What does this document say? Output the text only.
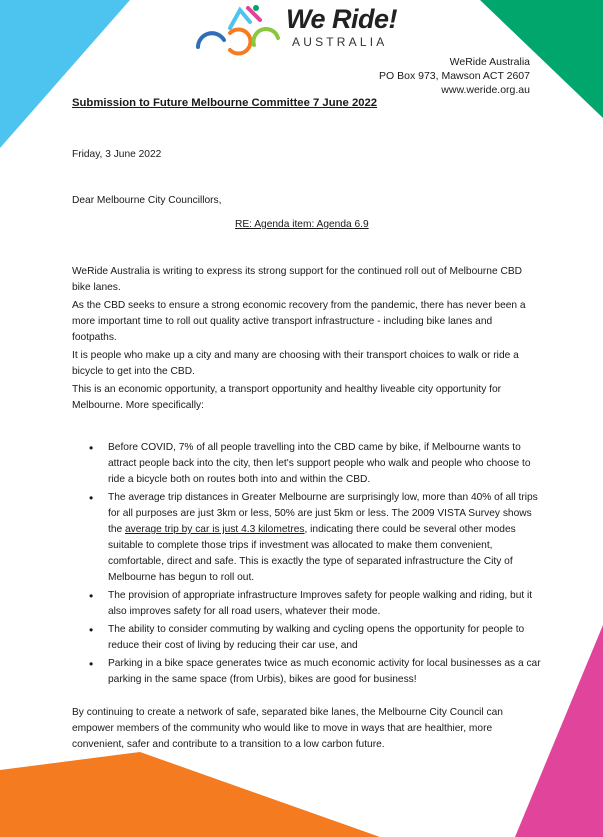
We Ride!
AUSTRALIA
WeRide Australia
PO Box 973, Mawson ACT 2607
www.weride.org.au
Submission to Future Melbourne Committee 7 June 2022
Friday, 3 June 2022
Dear Melbourne City Councillors,
RE: Agenda item: Agenda 6.9
WeRide Australia is writing to express its strong support for the continued roll out of Melbourne CBD bike lanes.
As the CBD seeks to ensure a strong economic recovery from the pandemic, there has never been a more important time to roll out quality active transport infrastructure - including bike lanes and footpaths.
It is people who make up a city and many are choosing with their transport choices to walk or ride a bicycle to get into the CBD.
This is an economic opportunity, a transport opportunity and healthy liveable city opportunity for Melbourne. More specifically:
• Before COVID, 7% of all people travelling into the CBD came by bike, if Melbourne wants to attract people back into the city, then let's support people who walk and people who choose to ride a bicycle both on routes both into and within the CBD.
• The average trip distances in Greater Melbourne are surprisingly low, more than 40% of all trips for all purposes are just 3km or less, 50% are just 5km or less. The 2009 VISTA Survey shows the average trip by car is just 4.3 kilometres, indicating there could be several other modes suitable to complete those trips if investment was allocated to make them convenient, comfortable, direct and safe. This is exactly the type of separated infrastructure the City of Melbourne has begun to roll out.
• The provision of appropriate infrastructure Improves safety for people walking and riding, but it also improves safety for all road users, whatever their mode.
• The ability to consider commuting by walking and cycling opens the opportunity for people to reduce their cost of living by reducing their car use, and
• Parking in a bike space generates twice as much economic activity for local businesses as a car parking in the same space (from Urbis), bikes are good for business!
By continuing to create a network of safe, separated bike lanes, the Melbourne City Council can empower members of the community who would like to move in ways that are healthier, more convenient, safer and contribute to a transition to a low carbon future.
